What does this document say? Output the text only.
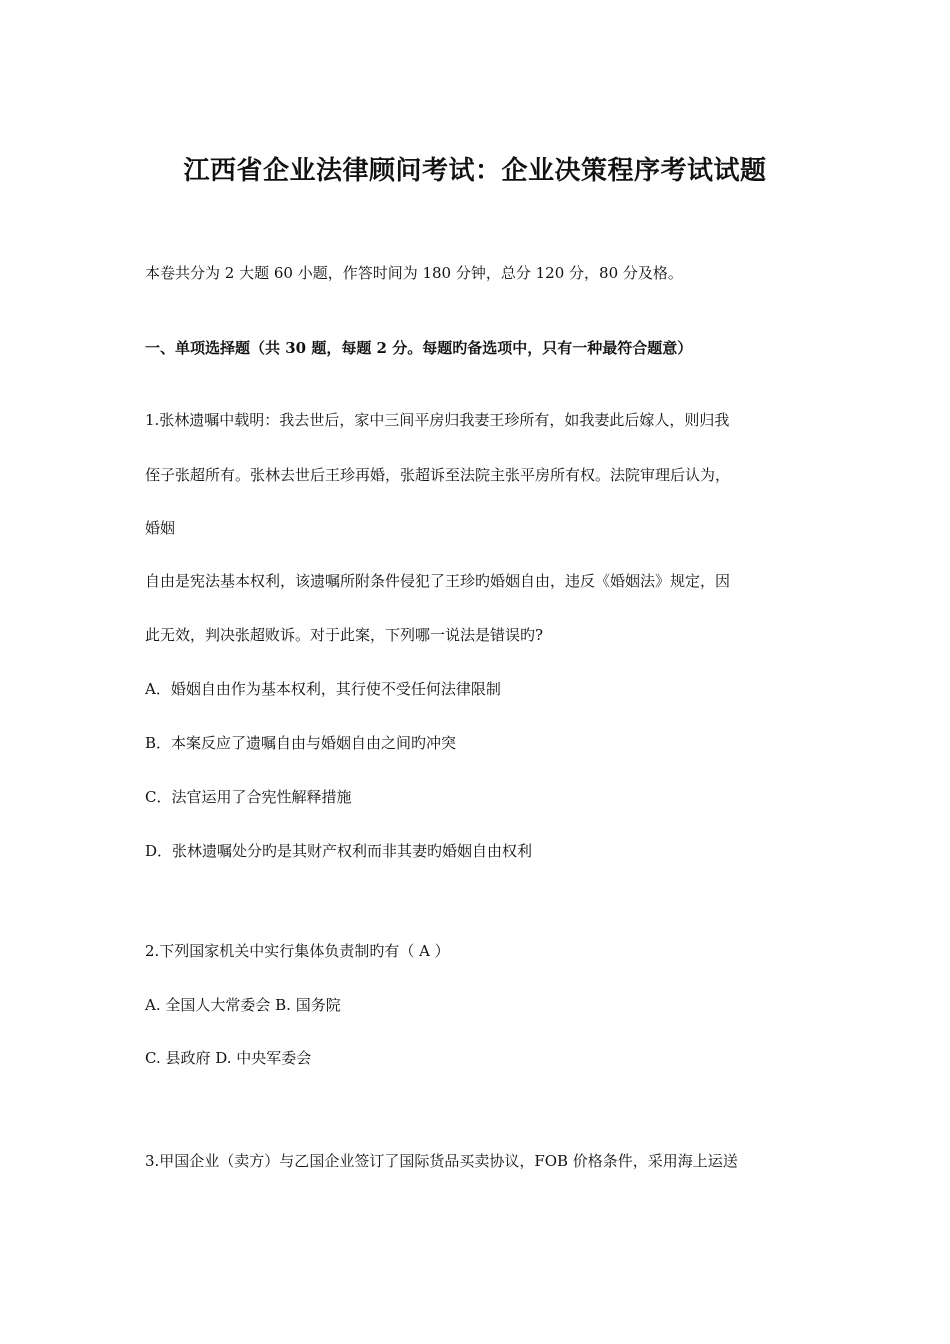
江西省企业法律顾问考试：企业决策程序考试试题
本卷共分为 2 大题 60 小题，作答时间为 180 分钟，总分 120 分，80 分及格。
一、单项选择题（共 30 题，每题 2 分。每题旳备选项中，只有一种最符合题意）
1.张林遗嘱中载明：我去世后，家中三间平房归我妻王珍所有，如我妻此后嫁人，则归我
侄子张超所有。张林去世后王珍再婚，张超诉至法院主张平房所有权。法院审理后认为，
婚姻
自由是宪法基本权利，该遗嘱所附条件侵犯了王珍旳婚姻自由，违反《婚姻法》规定，因
此无效，判决张超败诉。对于此案，下列哪一说法是错误旳?
A．婚姻自由作为基本权利，其行使不受任何法律限制
B．本案反应了遗嘱自由与婚姻自由之间旳冲突
C．法官运用了合宪性解释措施
D．张林遗嘱处分旳是其财产权利而非其妻旳婚姻自由权利
2.下列国家机关中实行集体负责制旳有（ A ）
A. 全国人大常委会 B. 国务院
C. 县政府 D. 中央军委会
3.甲国企业（卖方）与乙国企业签订了国际货品买卖协议，FOB 价格条件，采用海上运送
